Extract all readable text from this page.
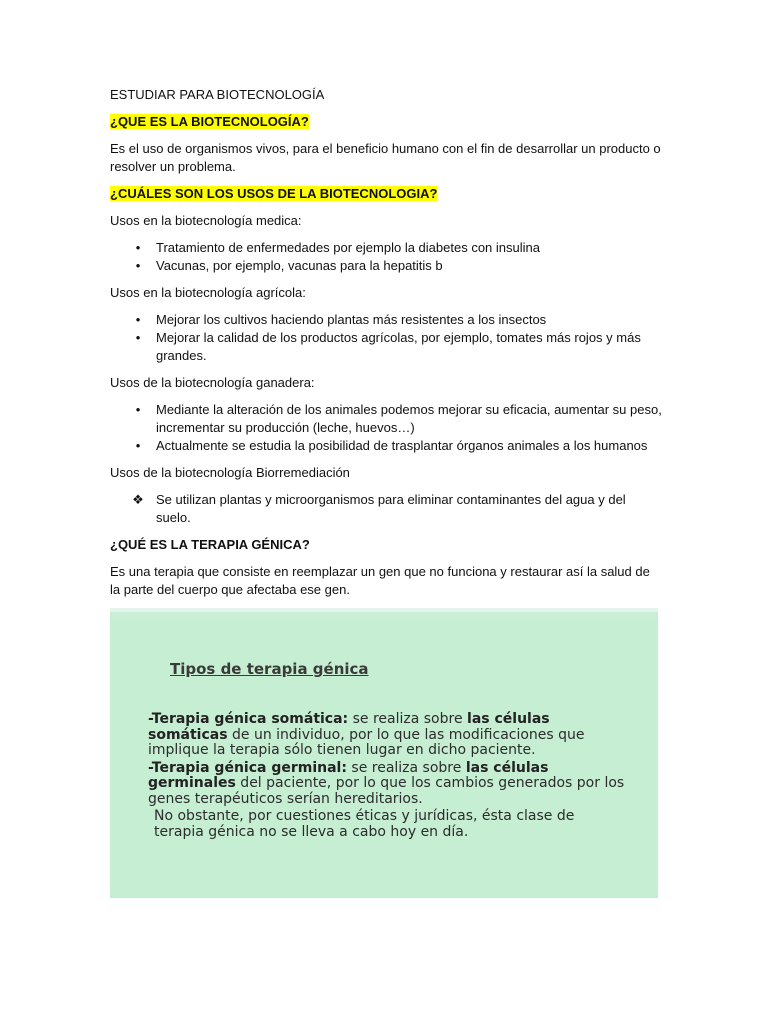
ESTUDIAR PARA BIOTECNOLOGÍA

¿QUE ES LA BIOTECNOLOGÍA?

Es el uso de organismos vivos, para el beneficio humano con el fin de desarrollar un producto o resolver un problema.

¿CUÁLES SON LOS USOS DE LA BIOTECNOLOGIA?

Usos en la biotecnología medica:

• Tratamiento de enfermedades por ejemplo la diabetes con insulina
• Vacunas, por ejemplo, vacunas para la hepatitis b

Usos en la biotecnología agrícola:

• Mejorar los cultivos haciendo plantas más resistentes a los insectos
• Mejorar la calidad de los productos agrícolas, por ejemplo, tomates más rojos y más grandes.

Usos de la biotecnología ganadera:

• Mediante la alteración de los animales podemos mejorar su eficacia, aumentar su peso, incrementar su producción (leche, huevos…)
• Actualmente se estudia la posibilidad de trasplantar órganos animales a los humanos

Usos de la biotecnología Biorremediación

❖ Se utilizan plantas y microorganismos para eliminar contaminantes del agua y del suelo.

¿QUÉ ES LA TERAPIA GÉNICA?

Es una terapia que consiste en reemplazar un gen que no funciona y restaurar así la salud de la parte del cuerpo que afectaba ese gen.

Tipos de terapia génica
-Terapia génica somática: se realiza sobre las células somáticas de un individuo, por lo que las modificaciones que implique la terapia sólo tienen lugar en dicho paciente.
-Terapia génica germinal: se realiza sobre las células germinales del paciente, por lo que los cambios generados por los genes terapéuticos serían hereditarios.
No obstante, por cuestiones éticas y jurídicas, ésta clase de terapia génica no se lleva a cabo hoy en día.
